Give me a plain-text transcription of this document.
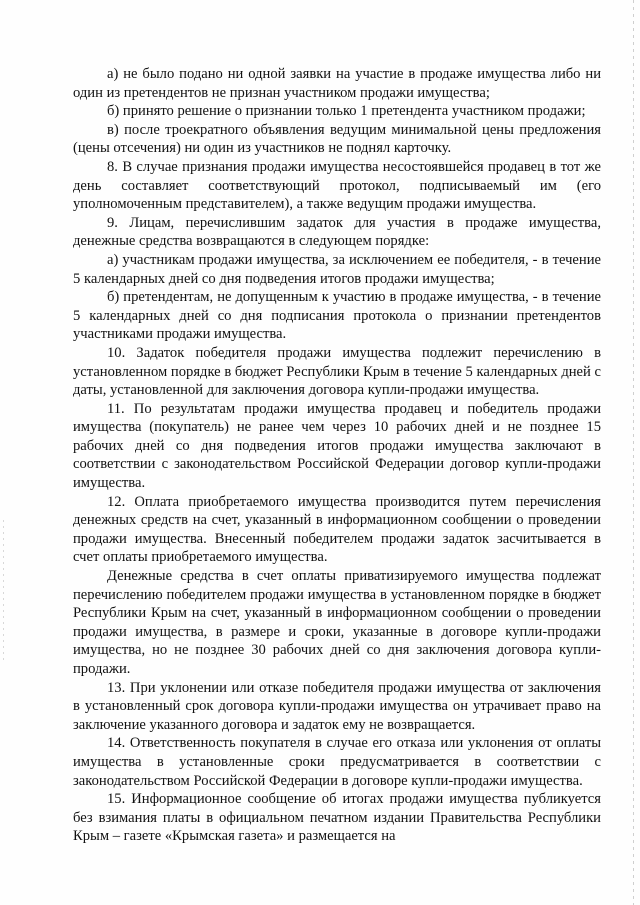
а) не было подано ни одной заявки на участие в продаже имущества либо ни один из претендентов не признан участником продажи имущества;

б) принято решение о признании только 1 претендента участником продажи;

в) после троекратного объявления ведущим минимальной цены предложения (цены отсечения) ни один из участников не поднял карточку.

8. В случае признания продажи имущества несостоявшейся продавец в тот же день составляет соответствующий протокол, подписываемый им (его уполномоченным представителем), а также ведущим продажи имущества.

9. Лицам, перечислившим задаток для участия в продаже имущества, денежные средства возвращаются в следующем порядке:

а) участникам продажи имущества, за исключением ее победителя, - в течение 5 календарных дней со дня подведения итогов продажи имущества;

б) претендентам, не допущенным к участию в продаже имущества, - в течение 5 календарных дней со дня подписания протокола о признании претендентов участниками продажи имущества.

10. Задаток победителя продажи имущества подлежит перечислению в установленном порядке в бюджет Республики Крым в течение 5 календарных дней с даты, установленной для заключения договора купли-продажи имущества.

11. По результатам продажи имущества продавец и победитель продажи имущества (покупатель) не ранее чем через 10 рабочих дней и не позднее 15 рабочих дней со дня подведения итогов продажи имущества заключают в соответствии с законодательством Российской Федерации договор купли-продажи имущества.

12. Оплата приобретаемого имущества производится путем перечисления денежных средств на счет, указанный в информационном сообщении о проведении продажи имущества. Внесенный победителем продажи задаток засчитывается в счет оплаты приобретаемого имущества.

Денежные средства в счет оплаты приватизируемого имущества подлежат перечислению победителем продажи имущества в установленном порядке в бюджет Республики Крым на счет, указанный в информационном сообщении о проведении продажи имущества, в размере и сроки, указанные в договоре купли-продажи имущества, но не позднее 30 рабочих дней со дня заключения договора купли-продажи.

13. При уклонении или отказе победителя продажи имущества от заключения в установленный срок договора купли-продажи имущества он утрачивает право на заключение указанного договора и задаток ему не возвращается.

14. Ответственность покупателя в случае его отказа или уклонения от оплаты имущества в установленные сроки предусматривается в соответствии с законодательством Российской Федерации в договоре купли-продажи имущества.

15. Информационное сообщение об итогах продажи имущества публикуется без взимания платы в официальном печатном издании Правительства Республики Крым – газете «Крымская газета» и размещается на
